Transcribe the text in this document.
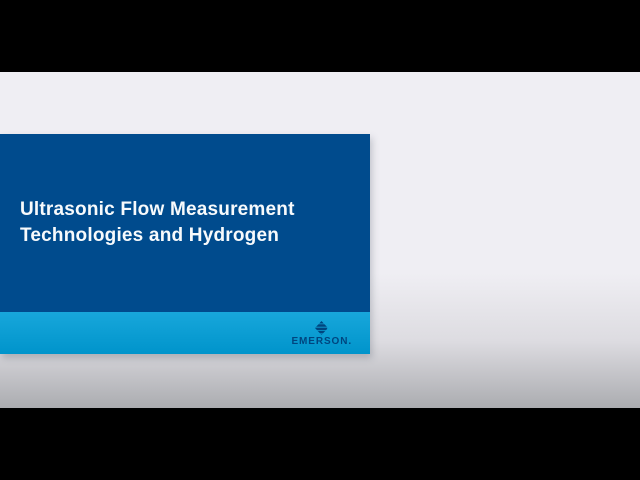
Ultrasonic Flow Measurement
Technologies and Hydrogen
EMERSON.
